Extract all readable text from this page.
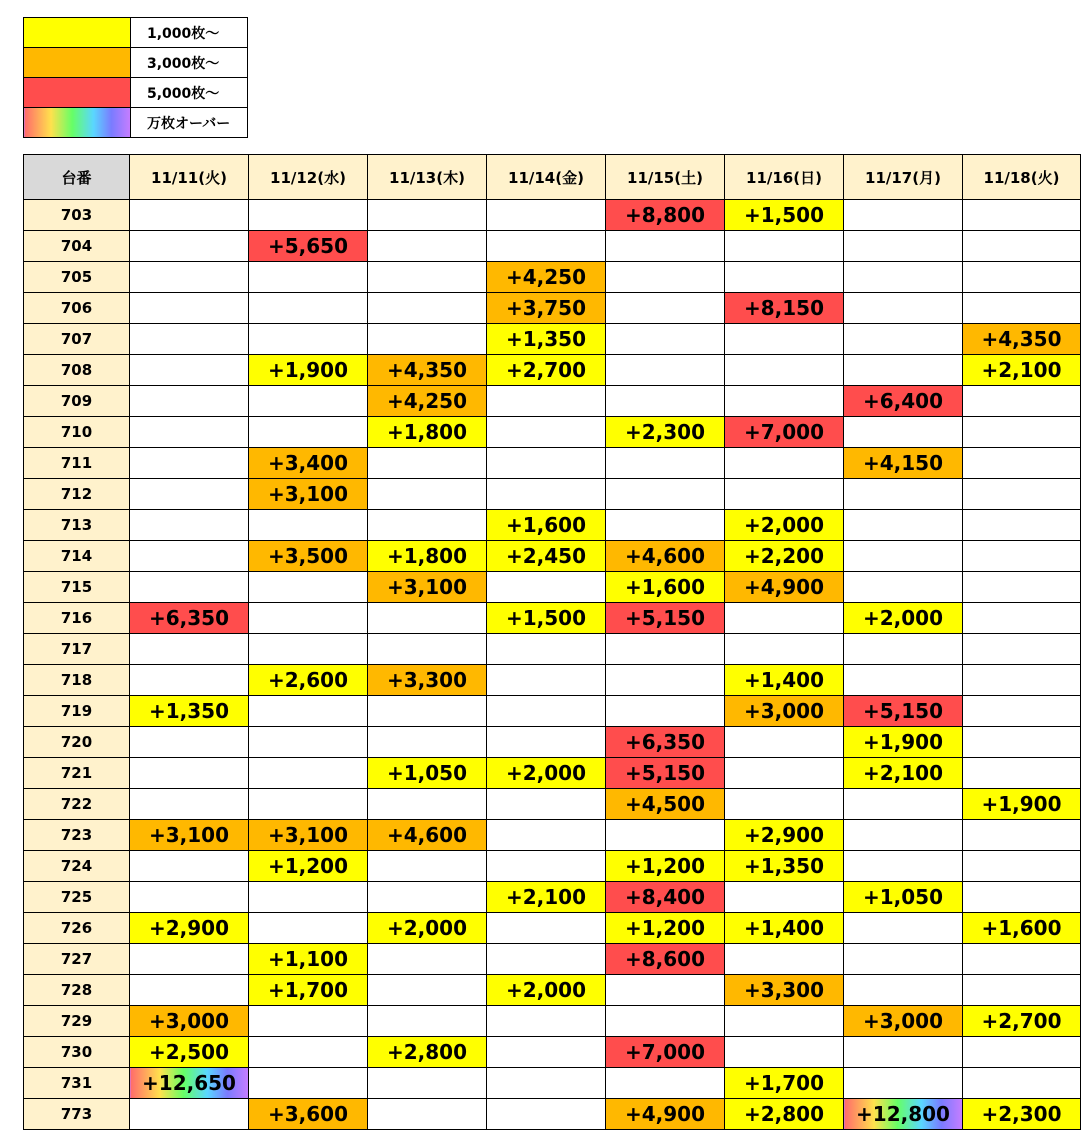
	1,000枚〜
	3,000枚〜
	5,000枚〜
	万枚オーバー
台番	11/11(火)	11/12(水)	11/13(木)	11/14(金)	11/15(土)	11/16(日)	11/17(月)	11/18(火)
703					+8,800	+1,500		
704		+5,650						
705				+4,250				
706				+3,750		+8,150		
707				+1,350				+4,350
708		+1,900	+4,350	+2,700				+2,100
709			+4,250				+6,400	
710			+1,800		+2,300	+7,000		
711		+3,400					+4,150	
712		+3,100						
713				+1,600		+2,000		
714		+3,500	+1,800	+2,450	+4,600	+2,200		
715			+3,100		+1,600	+4,900		
716	+6,350			+1,500	+5,150		+2,000	
717								
718		+2,600	+3,300			+1,400		
719	+1,350					+3,000	+5,150	
720					+6,350		+1,900	
721			+1,050	+2,000	+5,150		+2,100	
722					+4,500			+1,900
723	+3,100	+3,100	+4,600			+2,900		
724		+1,200			+1,200	+1,350		
725				+2,100	+8,400		+1,050	
726	+2,900		+2,000		+1,200	+1,400		+1,600
727		+1,100			+8,600			
728		+1,700		+2,000		+3,300		
729	+3,000						+3,000	+2,700
730	+2,500		+2,800		+7,000			
731	+12,650					+1,700		
773		+3,600			+4,900	+2,800	+12,800	+2,300
